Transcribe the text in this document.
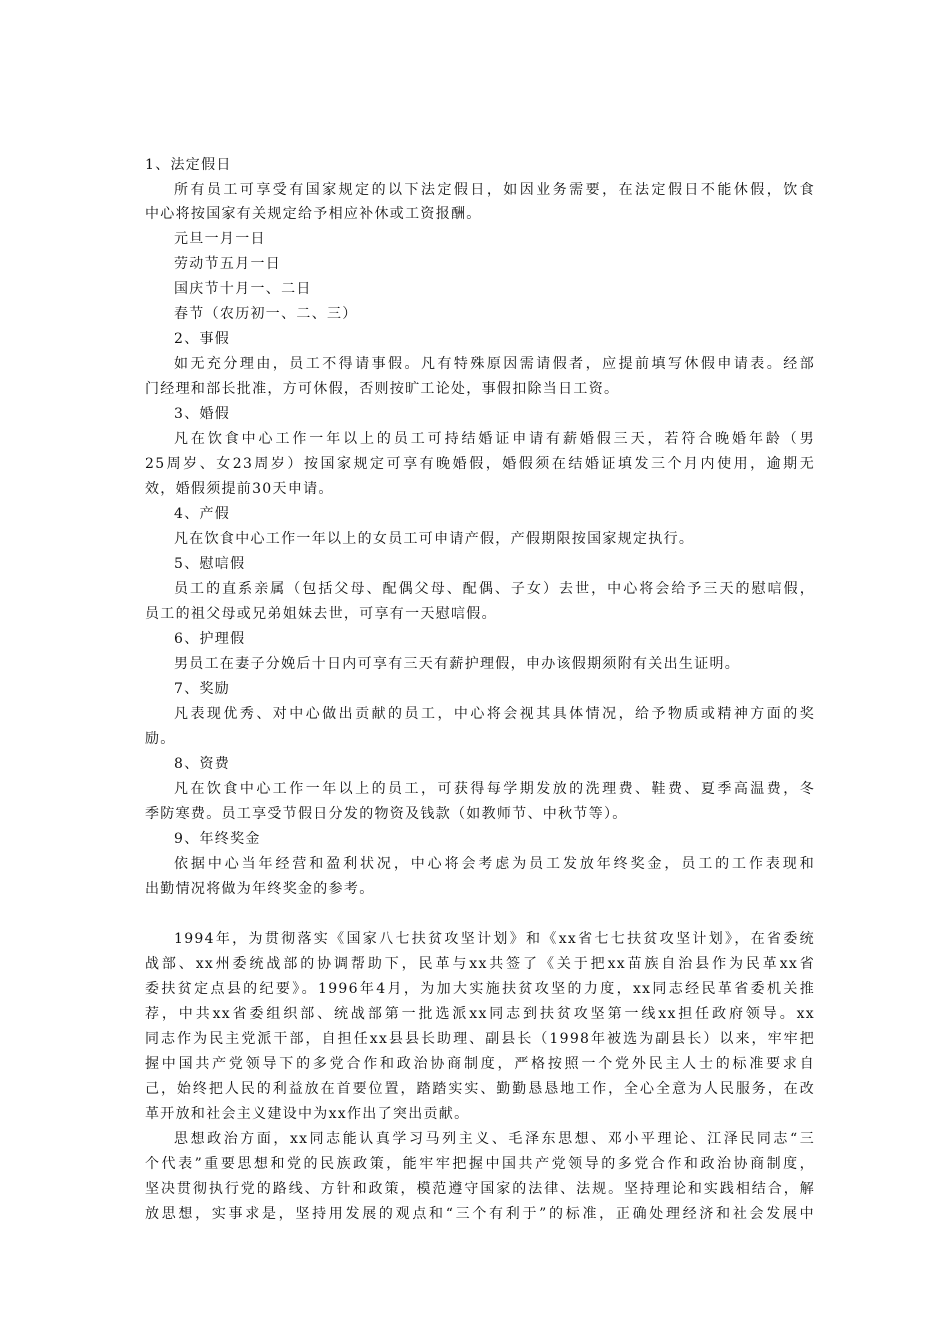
1、法定假日
所有员工可享受有国家规定的以下法定假日，如因业务需要，在法定假日不能休假，饮食
中心将按国家有关规定给予相应补休或工资报酬。
元旦一月一日
劳动节五月一日
国庆节十月一、二日
春节（农历初一、二、三）
2、事假
如无充分理由，员工不得请事假。凡有特殊原因需请假者，应提前填写休假申请表。经部
门经理和部长批准，方可休假，否则按旷工论处，事假扣除当日工资。
3、婚假
凡在饮食中心工作一年以上的员工可持结婚证申请有薪婚假三天，若符合晚婚年龄（男
25周岁、女23周岁）按国家规定可享有晚婚假，婚假须在结婚证填发三个月内使用，逾期无
效，婚假须提前30天申请。
4、产假
凡在饮食中心工作一年以上的女员工可申请产假，产假期限按国家规定执行。
5、慰唁假
员工的直系亲属（包括父母、配偶父母、配偶、子女）去世，中心将会给予三天的慰唁假，
员工的祖父母或兄弟姐妹去世，可享有一天慰唁假。
6、护理假
男员工在妻子分娩后十日内可享有三天有薪护理假，申办该假期须附有关出生证明。
7、奖励
凡表现优秀、对中心做出贡献的员工，中心将会视其具体情况，给予物质或精神方面的奖
励。
8、资费
凡在饮食中心工作一年以上的员工，可获得每学期发放的洗理费、鞋费、夏季高温费，冬
季防寒费。员工享受节假日分发的物资及钱款（如教师节、中秋节等）。
9、年终奖金
依据中心当年经营和盈利状况，中心将会考虑为员工发放年终奖金，员工的工作表现和
出勤情况将做为年终奖金的参考。
1994年，为贯彻落实《国家八七扶贫攻坚计划》和《xx省七七扶贫攻坚计划》，在省委统
战部、xx州委统战部的协调帮助下，民革与xx共签了《关于把xx苗族自治县作为民革xx省
委扶贫定点县的纪要》。1996年4月，为加大实施扶贫攻坚的力度，xx同志经民革省委机关推
荐，中共xx省委组织部、统战部第一批选派xx同志到扶贫攻坚第一线xx担任政府领导。xx
同志作为民主党派干部，自担任xx县县长助理、副县长（1998年被选为副县长）以来，牢牢把
握中国共产党领导下的多党合作和政治协商制度，严格按照一个党外民主人士的标准要求自
己，始终把人民的利益放在首要位置，踏踏实实、勤勤恳恳地工作，全心全意为人民服务，在改
革开放和社会主义建设中为xx作出了突出贡献。
思想政治方面，xx同志能认真学习马列主义、毛泽东思想、邓小平理论、江泽民同志“三
个代表”重要思想和党的民族政策，能牢牢把握中国共产党领导的多党合作和政治协商制度，
坚决贯彻执行党的路线、方针和政策，模范遵守国家的法律、法规。坚持理论和实践相结合，解
放思想，实事求是，坚持用发展的观点和“三个有利于”的标准，正确处理经济和社会发展中
